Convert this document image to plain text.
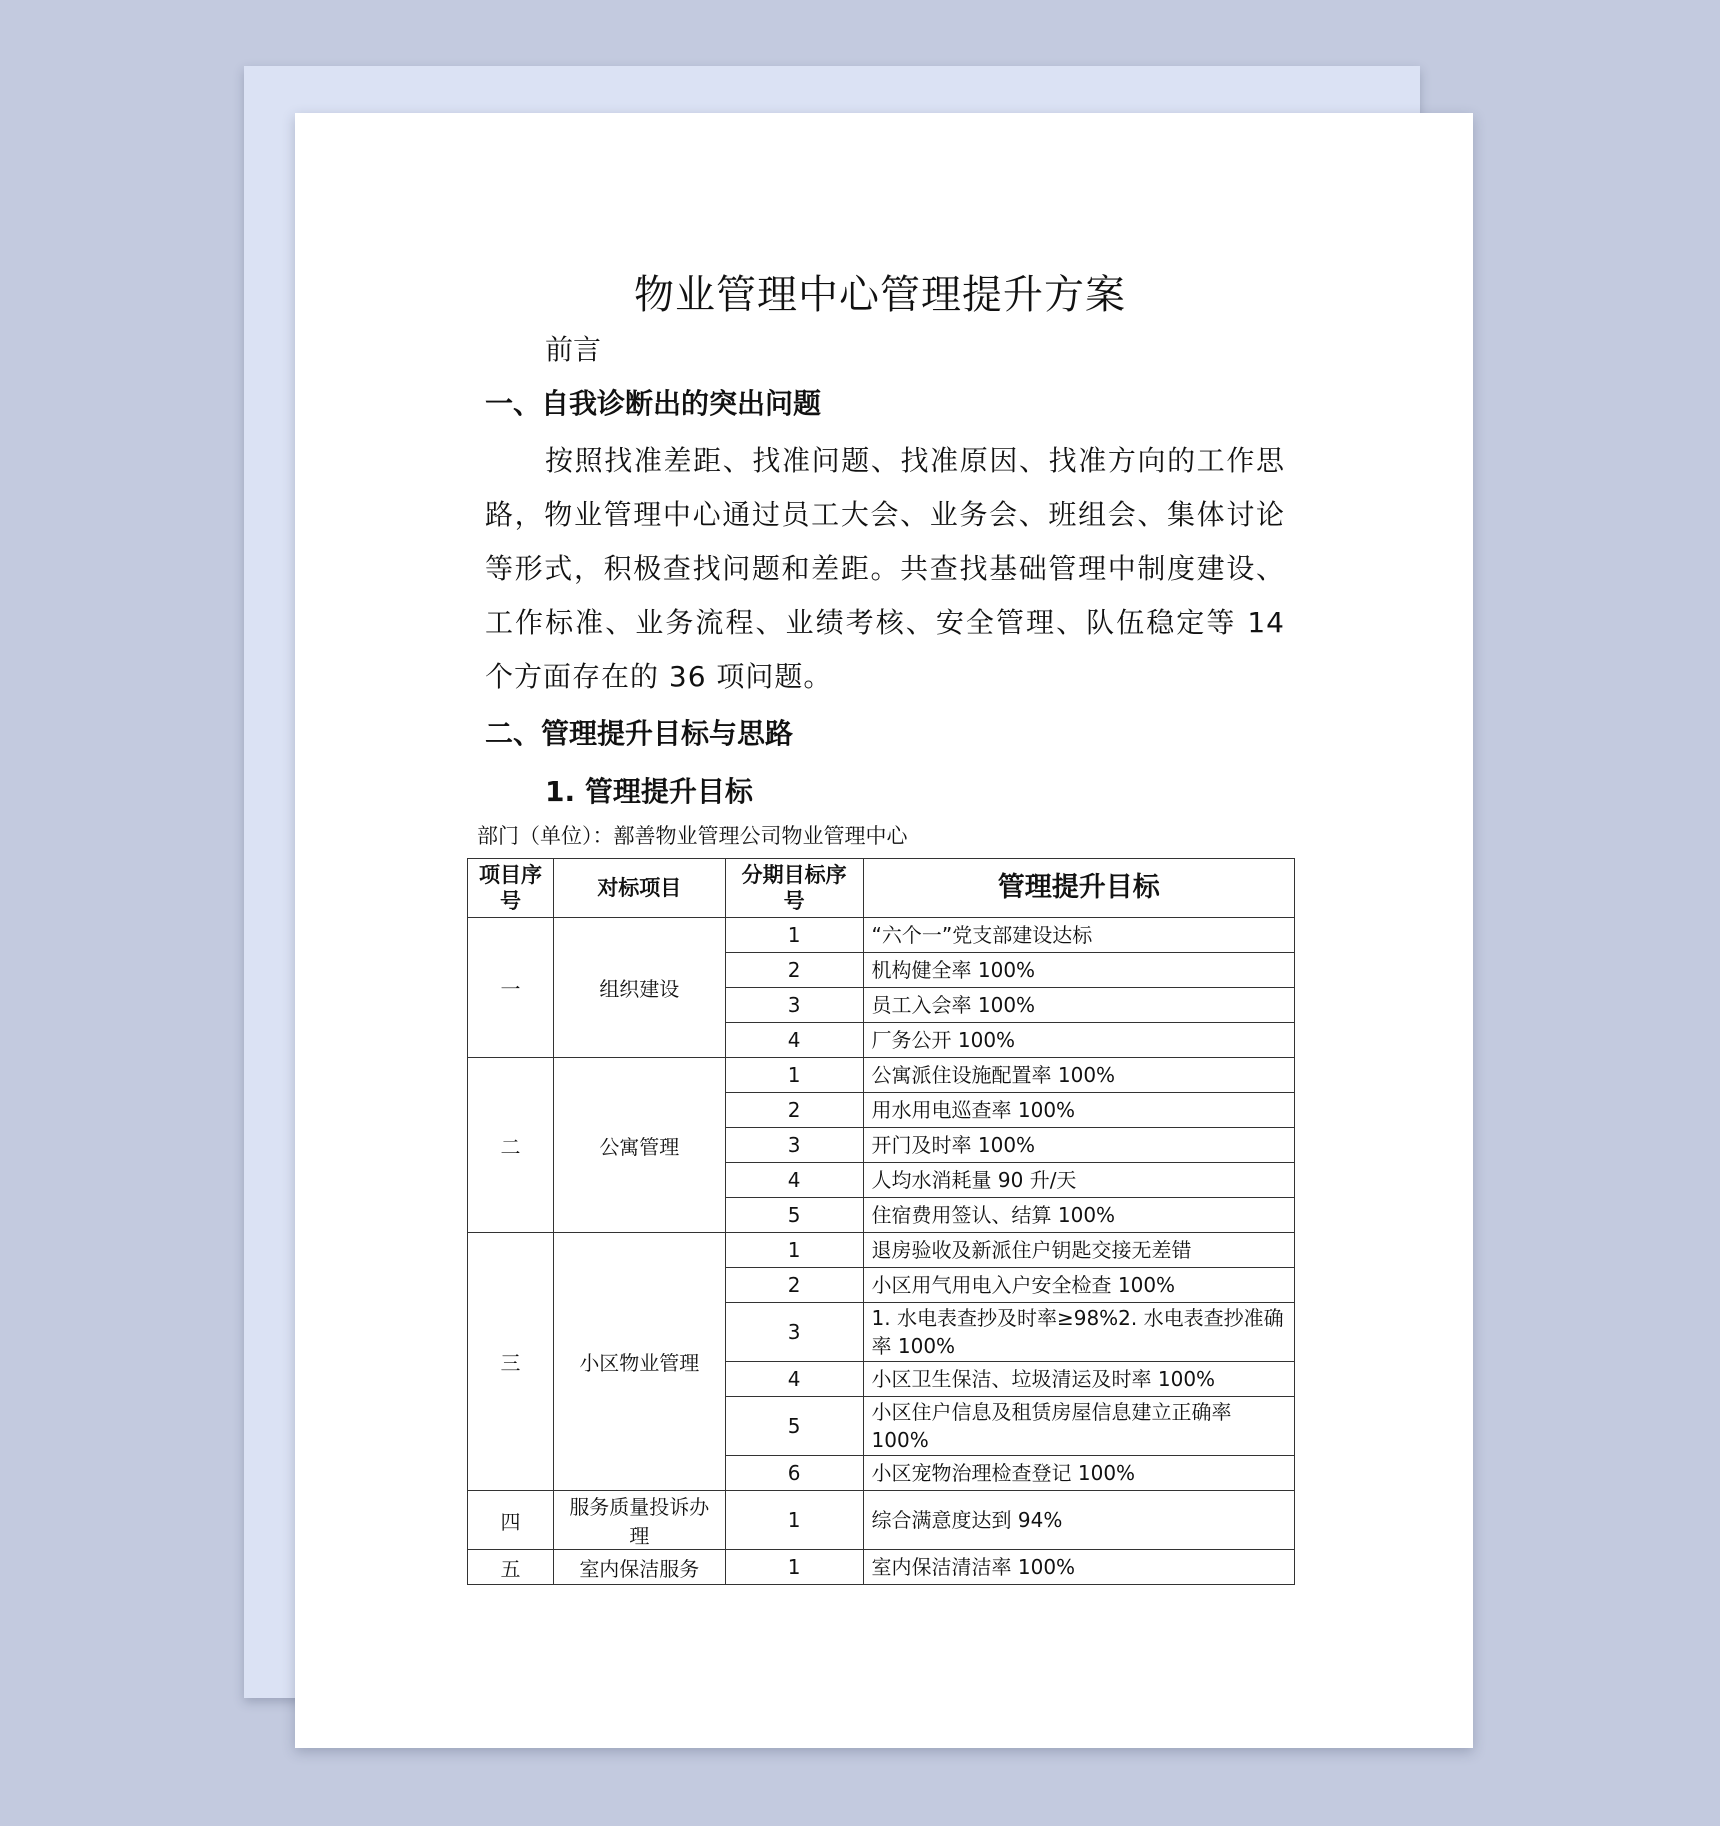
物业管理中心管理提升方案
前言
一、自我诊断出的突出问题

按照找准差距、找准问题、找准原因、找准方向的工作思路，物业管理中心通过员工大会、业务会、班组会、集体讨论等形式，积极查找问题和差距。共查找基础管理中制度建设、工作标准、业务流程、业绩考核、安全管理、队伍稳定等 14 个方面存在的 36 项问题。

二、管理提升目标与思路
1. 管理提升目标
部门（单位）：鄯善物业管理公司物业管理中心
项目序号	对标项目	分期目标序号	管理提升目标
一	组织建设	1	“六个一”党支部建设达标
		2	机构健全率 100%
		3	员工入会率 100%
		4	厂务公开 100%
二	公寓管理	1	公寓派住设施配置率 100%
		2	用水用电巡查率 100%
		3	开门及时率 100%
		4	人均水消耗量 90 升/天
		5	住宿费用签认、结算 100%
三	小区物业管理	1	退房验收及新派住户钥匙交接无差错
		2	小区用气用电入户安全检查 100%
		3	1. 水电表查抄及时率≥98%2. 水电表查抄准确率 100%
		4	小区卫生保洁、垃圾清运及时率 100%
		5	小区住户信息及租赁房屋信息建立正确率 100%
		6	小区宠物治理检查登记 100%
四	服务质量投诉办理	1	综合满意度达到 94%
五	室内保洁服务	1	室内保洁清洁率 100%
